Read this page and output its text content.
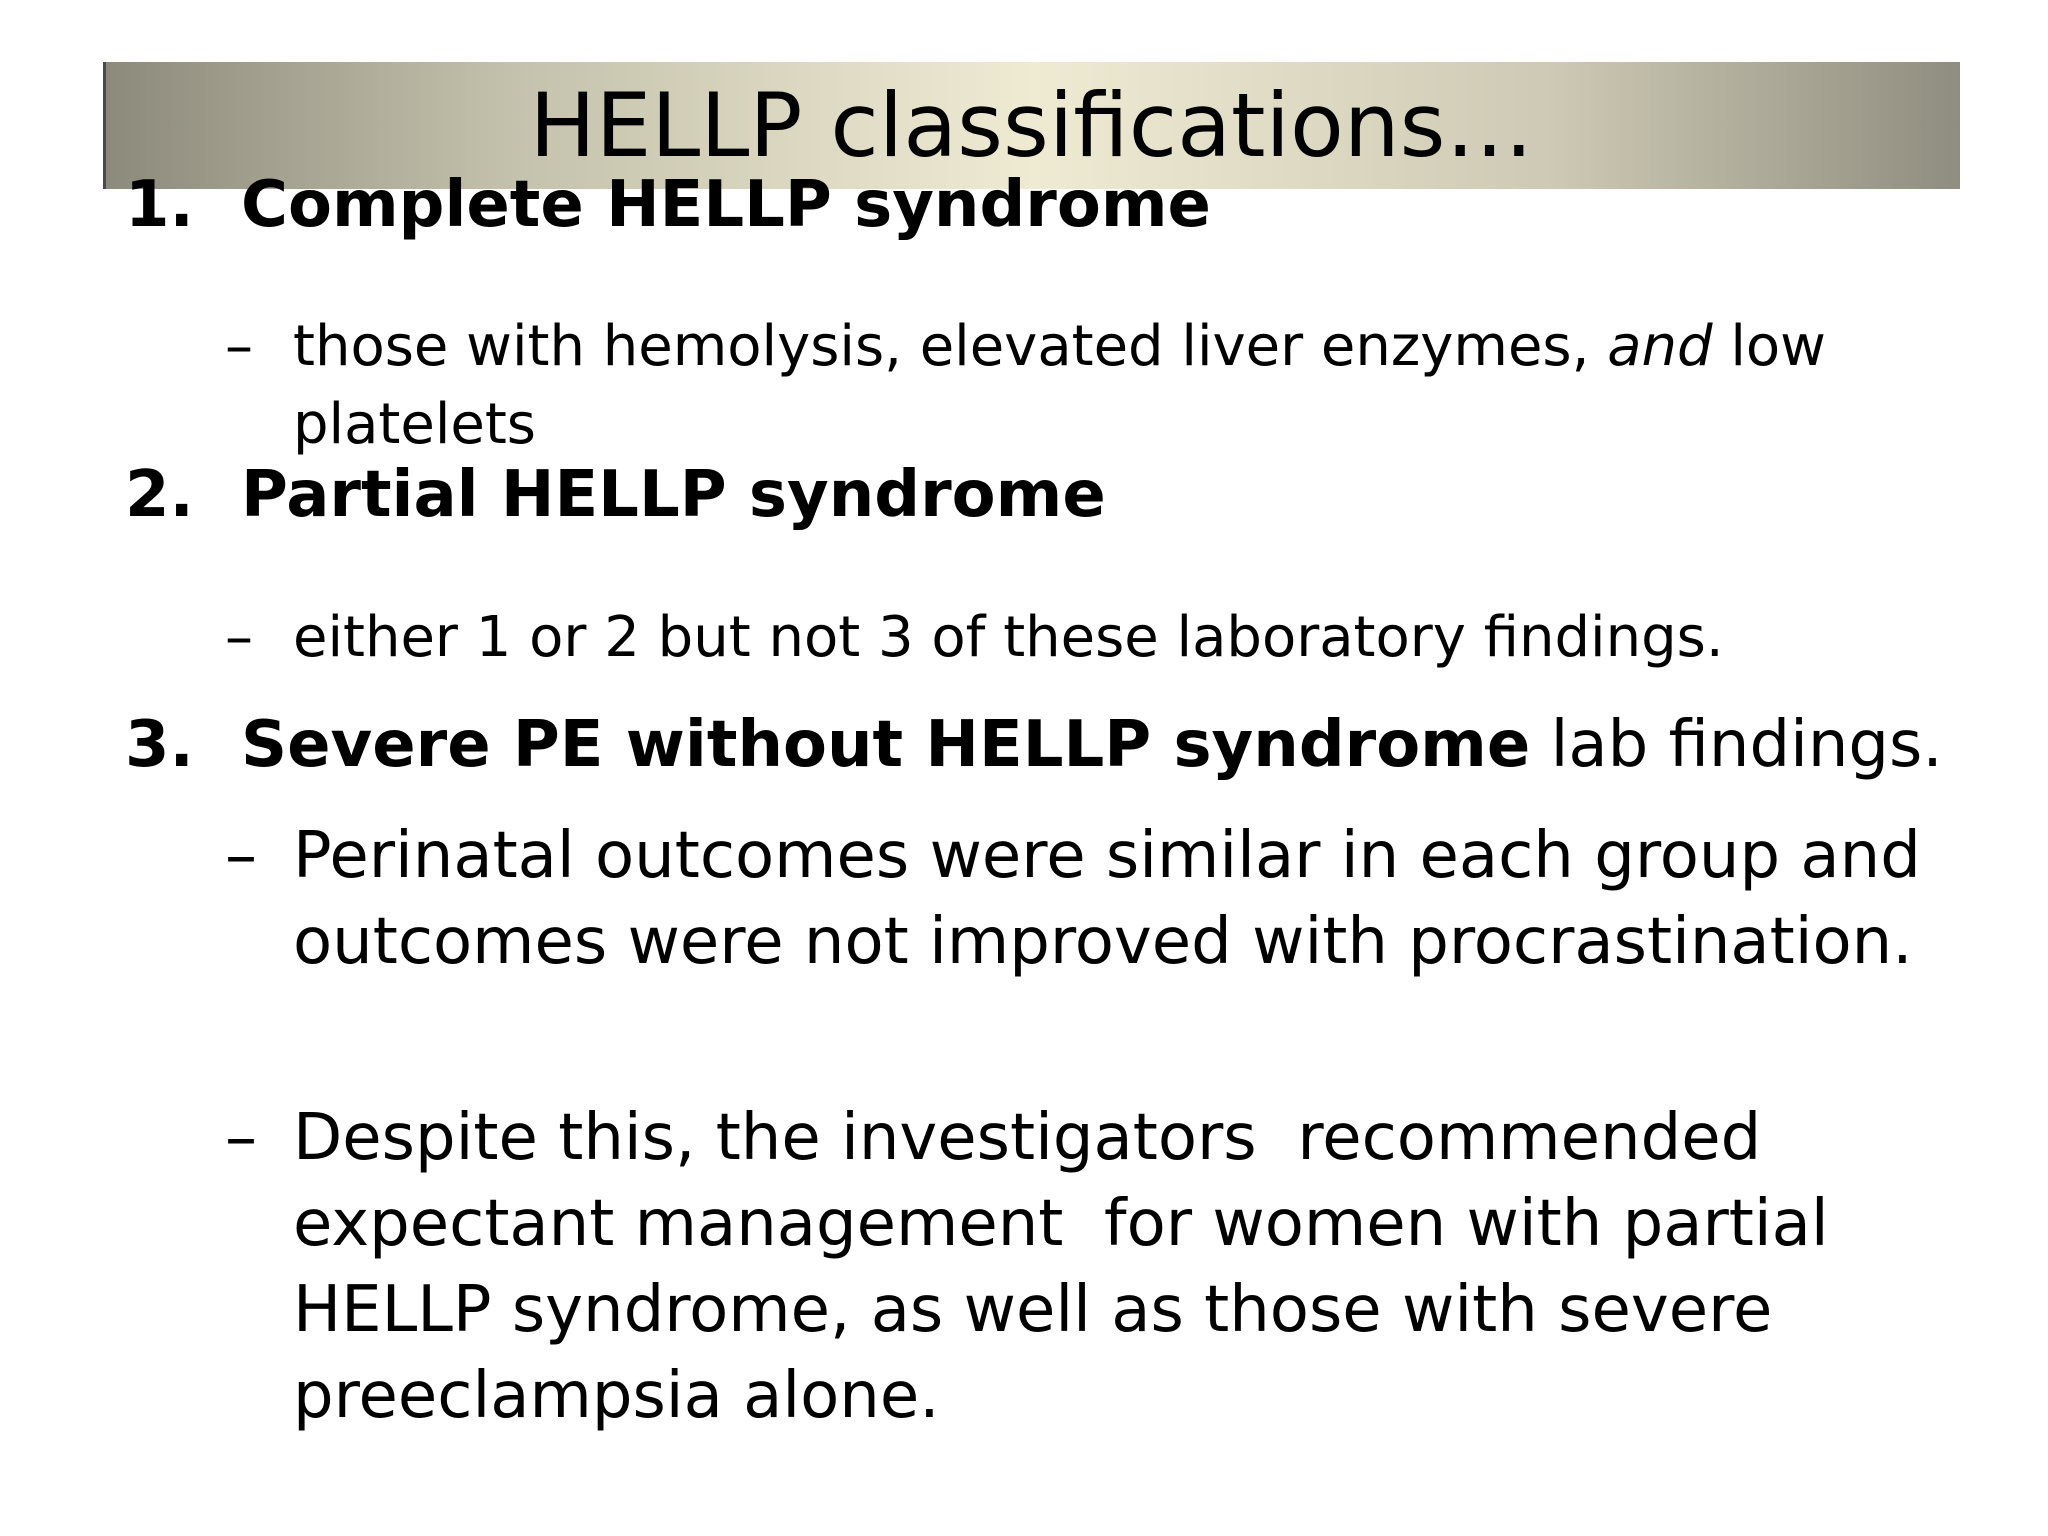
HELLP classifications…
1. Complete HELLP syndrome
– those with hemolysis, elevated liver enzymes, and low platelets
2. Partial HELLP syndrome
– either 1 or 2 but not 3 of these laboratory findings.
3. Severe PE without HELLP syndrome lab findings.
– Perinatal outcomes were similar in each group and outcomes were not improved with procrastination.
– Despite this, the investigators  recommended expectant management  for women with partial HELLP syndrome, as well as those with severe preeclampsia alone.
